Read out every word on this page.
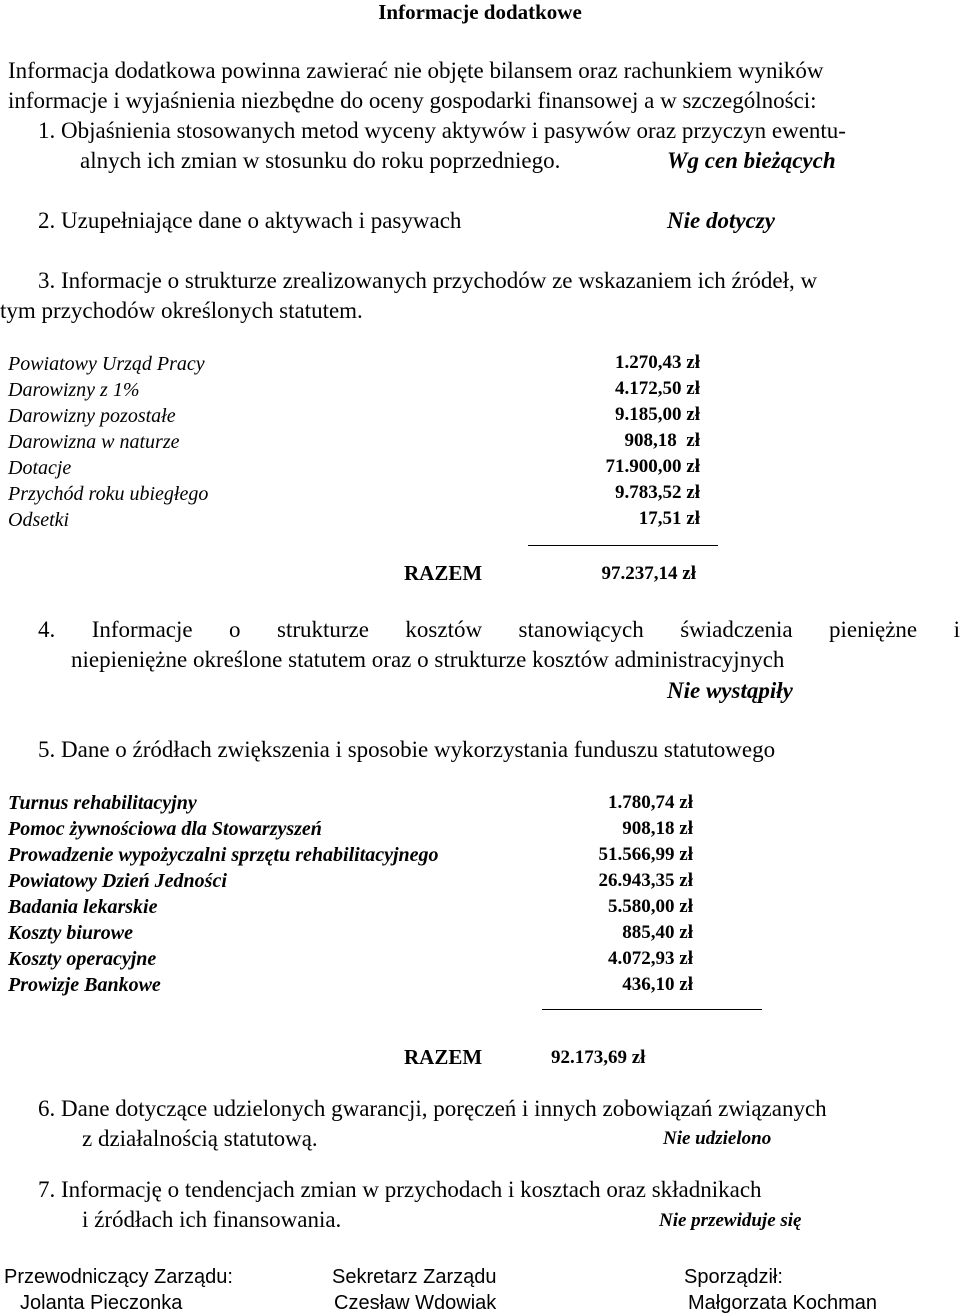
Informacje dodatkowe
Informacja dodatkowa powinna zawierać nie objęte bilansem oraz rachunkiem wyników
informacje i wyjaśnienia niezbędne do oceny gospodarki finansowej a w szczególności:
1. Objaśnienia stosowanych metod wyceny aktywów i pasywów oraz przyczyn ewentu-
alnych ich zmian w stosunku do roku poprzedniego.	Wg cen bieżących
2. Uzupełniające dane o aktywach i pasywach	Nie dotyczy
3. Informacje o strukturze zrealizowanych przychodów ze wskazaniem ich źródeł, w
tym przychodów określonych statutem.
Powiatowy Urząd Pracy	1.270,43 zł
Darowizny z 1%	4.172,50 zł
Darowizny pozostałe	9.185,00 zł
Darowizna w naturze	908,18  zł
Dotacje	71.900,00 zł
Przychód roku ubiegłego	9.783,52 zł
Odsetki	17,51 zł
RAZEM	97.237,14 zł
4. Informacje o strukturze kosztów stanowiących świadczenia pieniężne i
niepieniężne określone statutem oraz o strukturze kosztów administracyjnych
Nie wystąpiły
5. Dane o źródłach zwiększenia i sposobie wykorzystania funduszu statutowego
Turnus rehabilitacyjny	1.780,74 zł
Pomoc żywnościowa dla Stowarzyszeń	908,18 zł
Prowadzenie wypożyczalni sprzętu rehabilitacyjnego	51.566,99 zł
Powiatowy Dzień Jedności	26.943,35 zł
Badania lekarskie	5.580,00 zł
Koszty biurowe	885,40 zł
Koszty operacyjne	4.072,93 zł
Prowizje Bankowe	436,10 zł
RAZEM	92.173,69 zł
6. Dane dotyczące udzielonych gwarancji, poręczeń i innych zobowiązań związanych
z działalnością statutową.	Nie udzielono
7. Informację o tendencjach zmian w przychodach i kosztach oraz składnikach
i źródłach ich finansowania.	Nie przewiduje się
Przewodniczący Zarządu:
Jolanta Pieczonka
Sekretarz Zarządu
Czesław Wdowiak
Sporządził:
Małgorzata Kochman
